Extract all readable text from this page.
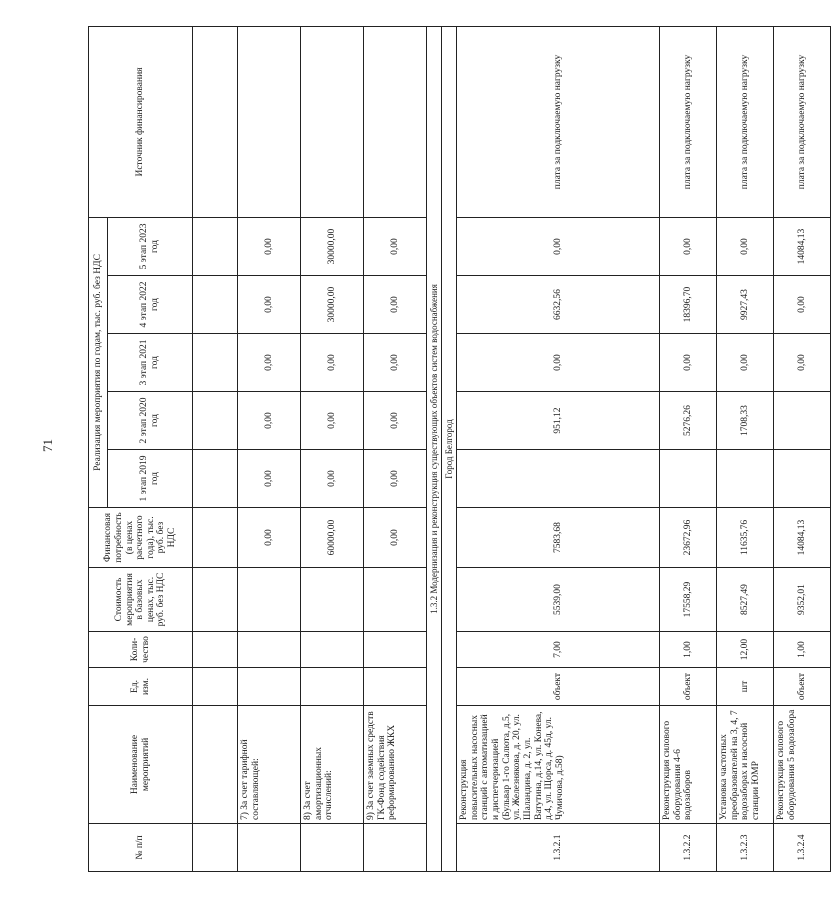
71
№ п/п	Наименование мероприятий	Ед. изм.	Коли-чество	Стоимость мероприятия в базовых ценах, тыс. руб. без НДС	Финансовая потребность (в ценах расчетного года), тыс. руб. без НДС	Реализация мероприятия по годам, тыс. руб. без НДС					Источник финансирования
						1 этап 2019 год	2 этап 2020 год	3 этап 2021 год	4 этап 2022 год	5 этап 2023 год	

	7) За счет тарифной составляющей:				0,00	0,00	0,00	0,00	0,00	0,00	
	8) За счет амортизационных отчислений:				60000,00	0,00	0,00	0,00	30000,00	30000,00	
	9) За счет заемных средств ГК-Фонд содействия реформированию ЖКХ				0,00	0,00	0,00	0,00	0,00	0,00	
1.3.2 Модернизация и реконструкция существующих объектов систем водоснабжения											
Город Белгород											
1.3.2.1	Реконструкция повысительных насосных станций с автоматизацией и диспетчеризацией (Бульвар 1-го Салюта, д.5, ул. Железнякова, д. 20, ул. Шаландина, д. 2, ул. Ватутина, д.14, ул. Конева, д.4, ул. Щорса, д. 45д, ул. Чумичова, д.58)	объект	7,00	5539,00	7583,68		951,12	0,00	6632,56	0,00	плата за подключаемую нагрузку
1.3.2.2	Реконструкция силового оборудования 4-6 водозаборов	объект	1,00	17558,29	23672,96		5276,26	0,00	18396,70	0,00	плата за подключаемую нагрузку
1.3.2.3	Установка частотных преобразователей на 3, 4, 7 водозаборах и насосной станции ЮМР	шт	12,00	8527,49	11635,76		1708,33	0,00	9927,43	0,00	плата за подключаемую нагрузку
1.3.2.4	Реконструкция силового оборудования 5 водозабора	объект	1,00	9352,01	14084,13			0,00	0,00	14084,13	плата за подключаемую нагрузку
